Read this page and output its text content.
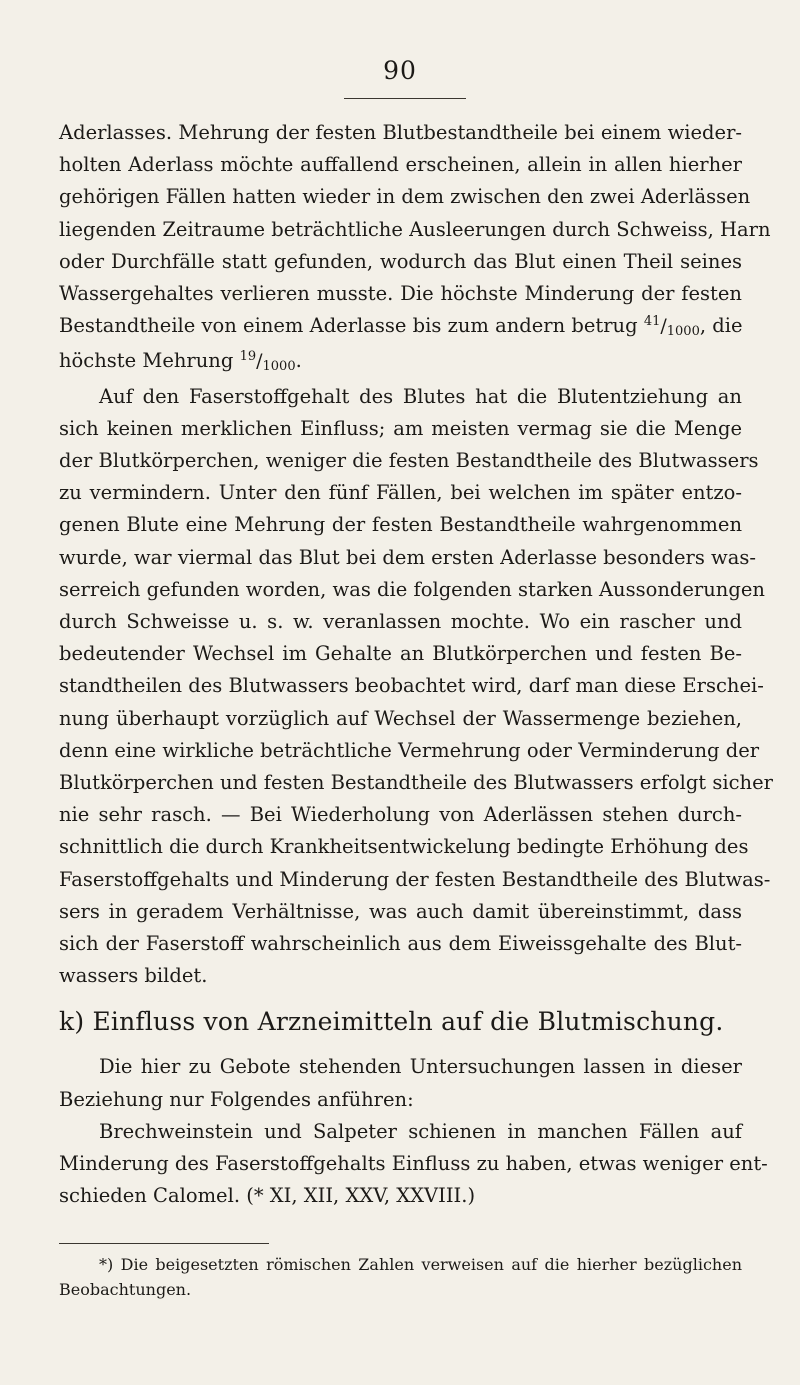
90
Aderlasses. Mehrung der festen Blutbestandtheile bei einem wieder-
holten Aderlass möchte auffallend erscheinen, allein in allen hierher
gehörigen Fällen hatten wieder in dem zwischen den zwei Aderlässen
liegenden Zeitraume beträchtliche Ausleerungen durch Schweiss, Harn
oder Durchfälle statt gefunden, wodurch das Blut einen Theil seines
Wassergehaltes verlieren musste. Die höchste Minderung der festen
Bestandtheile von einem Aderlasse bis zum andern betrug 41/1000, die
höchste Mehrung 19/1000.
Auf den Faserstoffgehalt des Blutes hat die Blutentziehung an
sich keinen merklichen Einfluss; am meisten vermag sie die Menge
der Blutkörperchen, weniger die festen Bestandtheile des Blutwassers
zu vermindern. Unter den fünf Fällen, bei welchen im später entzo-
genen Blute eine Mehrung der festen Bestandtheile wahrgenommen
wurde, war viermal das Blut bei dem ersten Aderlasse besonders was-
serreich gefunden worden, was die folgenden starken Aussonderungen
durch Schweisse u. s. w. veranlassen mochte. Wo ein rascher und
bedeutender Wechsel im Gehalte an Blutkörperchen und festen Be-
standtheilen des Blutwassers beobachtet wird, darf man diese Erschei-
nung überhaupt vorzüglich auf Wechsel der Wassermenge beziehen,
denn eine wirkliche beträchtliche Vermehrung oder Verminderung der
Blutkörperchen und festen Bestandtheile des Blutwassers erfolgt sicher
nie sehr rasch. — Bei Wiederholung von Aderlässen stehen durch-
schnittlich die durch Krankheitsentwickelung bedingte Erhöhung des
Faserstoffgehalts und Minderung der festen Bestandtheile des Blutwas-
sers in geradem Verhältnisse, was auch damit übereinstimmt, dass
sich der Faserstoff wahrscheinlich aus dem Eiweissgehalte des Blut-
wassers bildet.
k) Einfluss von Arzneimitteln auf die Blutmischung.
Die hier zu Gebote stehenden Untersuchungen lassen in dieser
Beziehung nur Folgendes anführen:
Brechweinstein und Salpeter schienen in manchen Fällen auf
Minderung des Faserstoffgehalts Einfluss zu haben, etwas weniger ent-
schieden Calomel. (* XI, XII, XXV, XXVIII.)
*) Die beigesetzten römischen Zahlen verweisen auf die hierher bezüglichen
Beobachtungen.
